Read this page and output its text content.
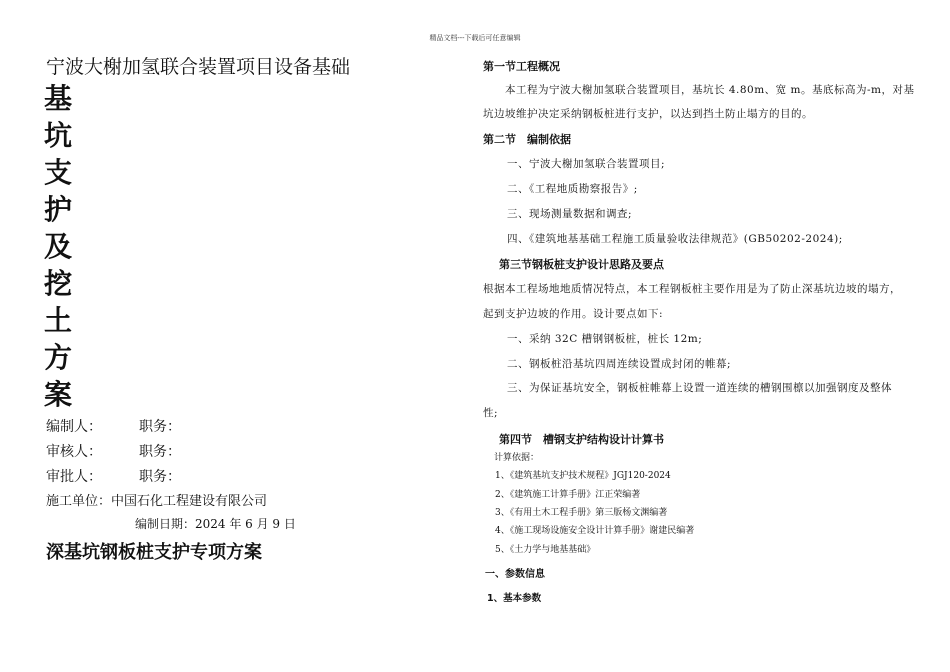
精品文档---下载后可任意编辑
宁波大榭加氢联合装置项目设备基础
基
坑
支
护
及
挖
土
方
案
编制人：	职务：
审核人：	职务：
审批人：	职务：
施工单位：中国石化工程建设有限公司
编制日期：2024 年 6 月 9 日
深基坑钢板桩支护专项方案
第一节工程概况
本工程为宁波大榭加氢联合装置项目，基坑长 4.80m、宽 m。基底标高为-m，对基
坑边坡维护决定采纳钢板桩进行支护，以达到挡土防止塌方的目的。
第二节　编制依据
一、宁波大榭加氢联合装置项目;
二、《工程地质勘察报告》;
三、现场测量数据和调查;
四、《建筑地基基础工程施工质量验收法律规范》(GB50202-2024);
第三节钢板桩支护设计思路及要点
根据本工程场地地质情况特点，本工程钢板桩主要作用是为了防止深基坑边坡的塌方，
起到支护边坡的作用。设计要点如下:
一、采纳 32C 槽钢钢板桩，桩长 12m;
二、钢板桩沿基坑四周连续设置成封闭的帷幕;
三、为保证基坑安全，钢板桩帷幕上设置一道连续的槽钢围檩以加强钢度及整体
性;
第四节　槽钢支护结构设计计算书
计算依据：
1、《建筑基坑支护技术规程》JGJ120-2024
2、《建筑施工计算手册》江正荣编著
3、《有用土木工程手册》第三版杨文渊编著
4、《施工现场设施安全设计计算手册》谢建民编著
5、《土力学与地基基础》
一、参数信息
1、基本参数
